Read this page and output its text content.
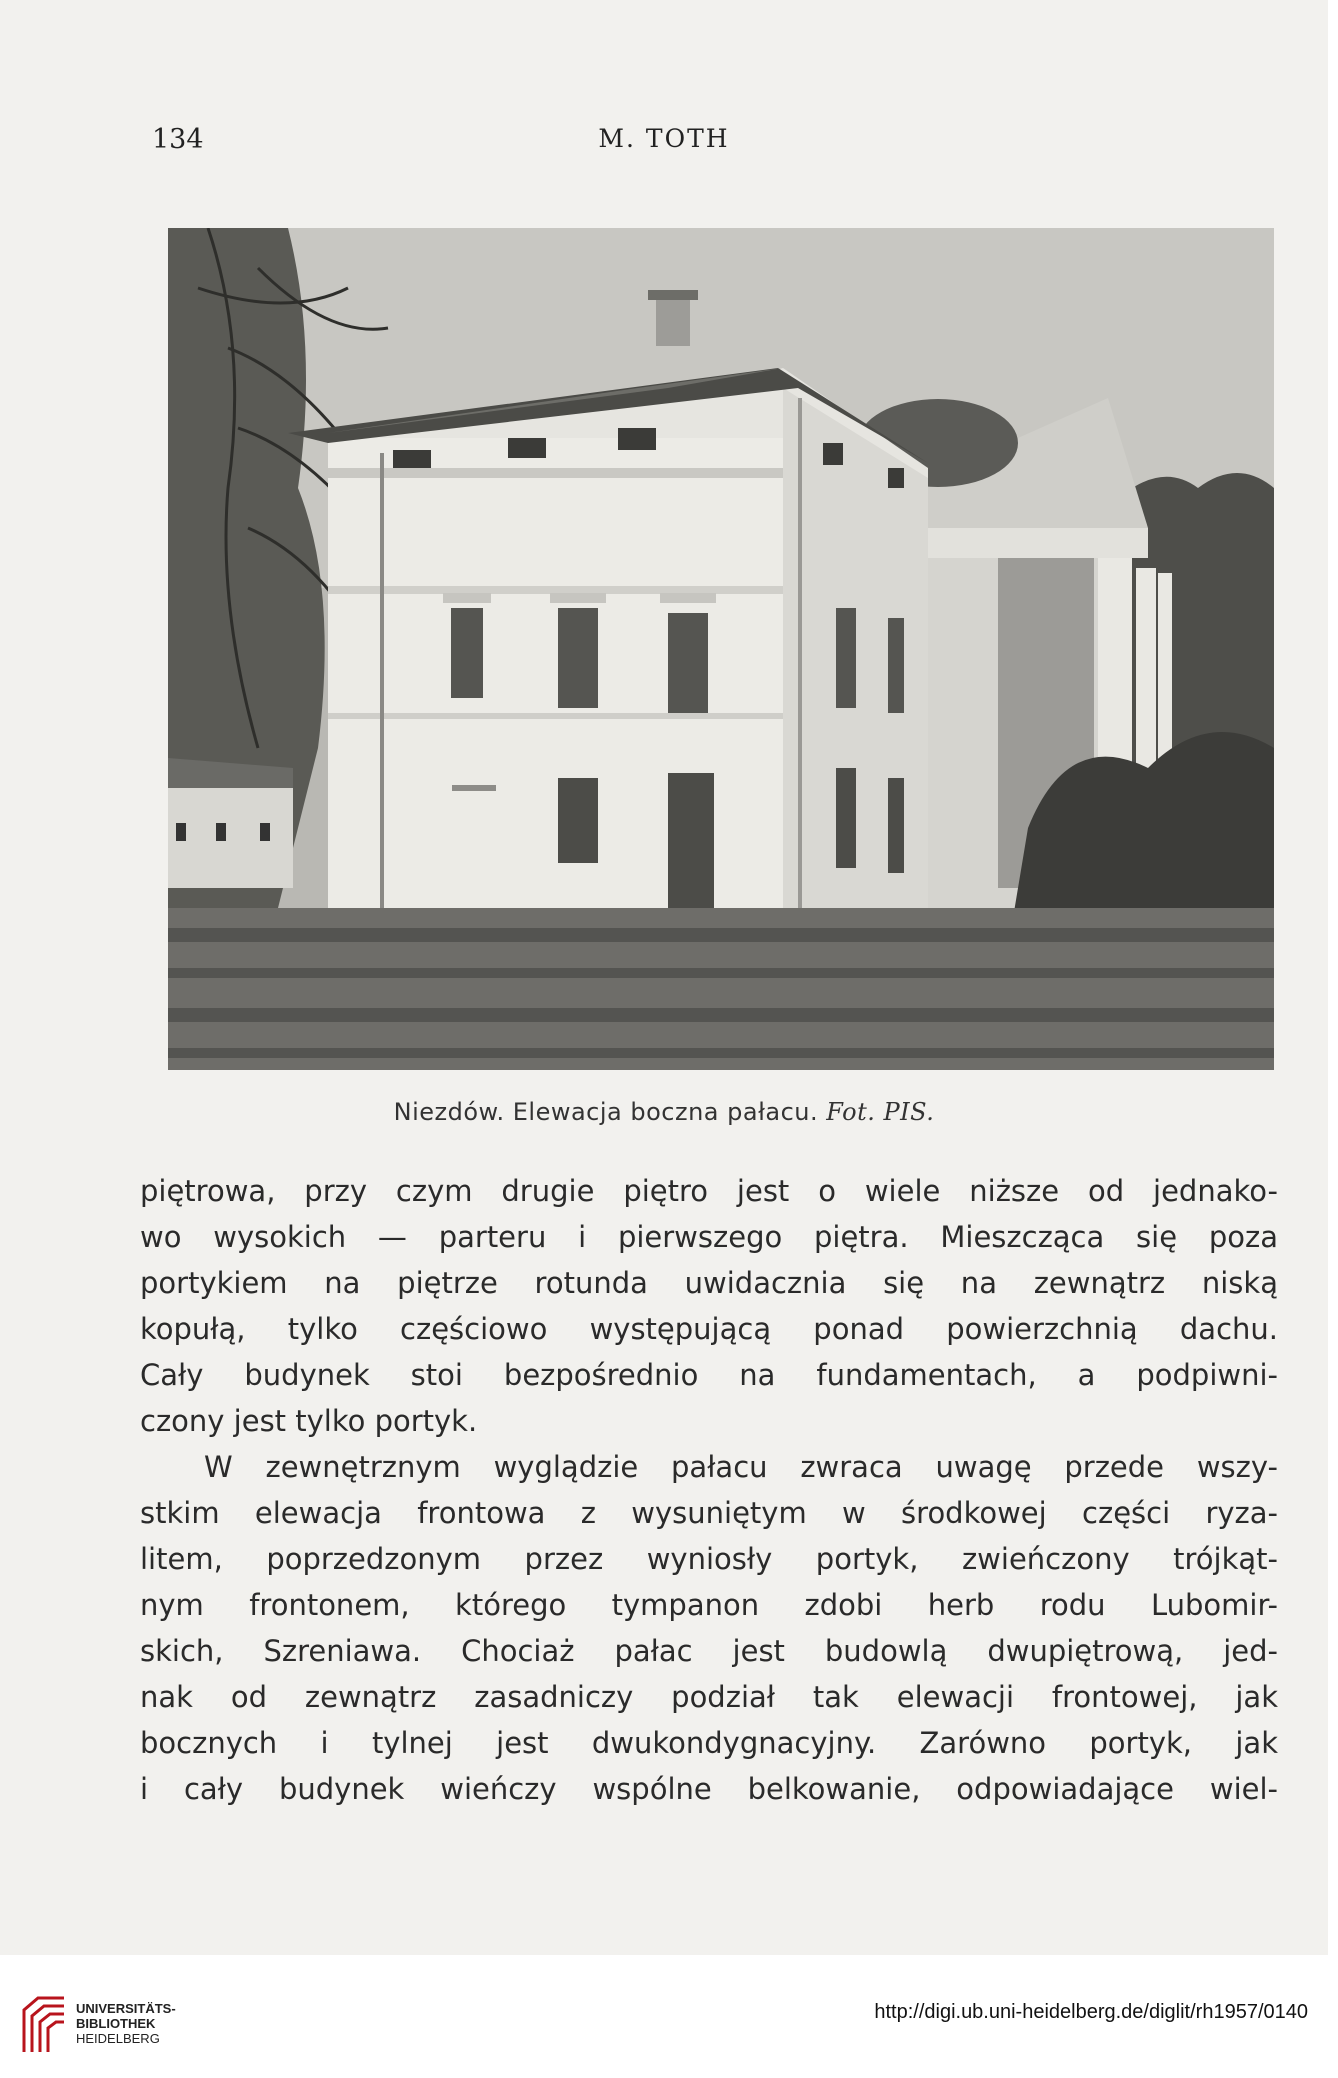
134	M. TOTH
Niezdów. Elewacja boczna pałacu. Fot. PIS.
piętrowa, przy czym drugie piętro jest o wiele niższe od jednako-
wo wysokich — parteru i pierwszego piętra. Mieszcząca się poza
portykiem na piętrze rotunda uwidacznia się na zewnątrz niską
kopułą, tylko częściowo występującą ponad powierzchnią dachu.
Cały budynek stoi bezpośrednio na fundamentach, a podpiwni-
czony jest tylko portyk.
W zewnętrznym wyglądzie pałacu zwraca uwagę przede wszy-
stkim elewacja frontowa z wysuniętym w środkowej części ryza-
litem, poprzedzonym przez wyniosły portyk, zwieńczony trójkąt-
nym frontonem, którego tympanon zdobi herb rodu Lubomir-
skich, Szreniawa. Chociaż pałac jest budowlą dwupiętrową, jed-
nak od zewnątrz zasadniczy podział tak elewacji frontowej, jak
bocznych i tylnej jest dwukondygnacyjny. Zarówno portyk, jak
i cały budynek wieńczy wspólne belkowanie, odpowiadające wiel-
UNIVERSITÄTS-
BIBLIOTHEK
HEIDELBERG
http://digi.ub.uni-heidelberg.de/diglit/rh1957/0140
